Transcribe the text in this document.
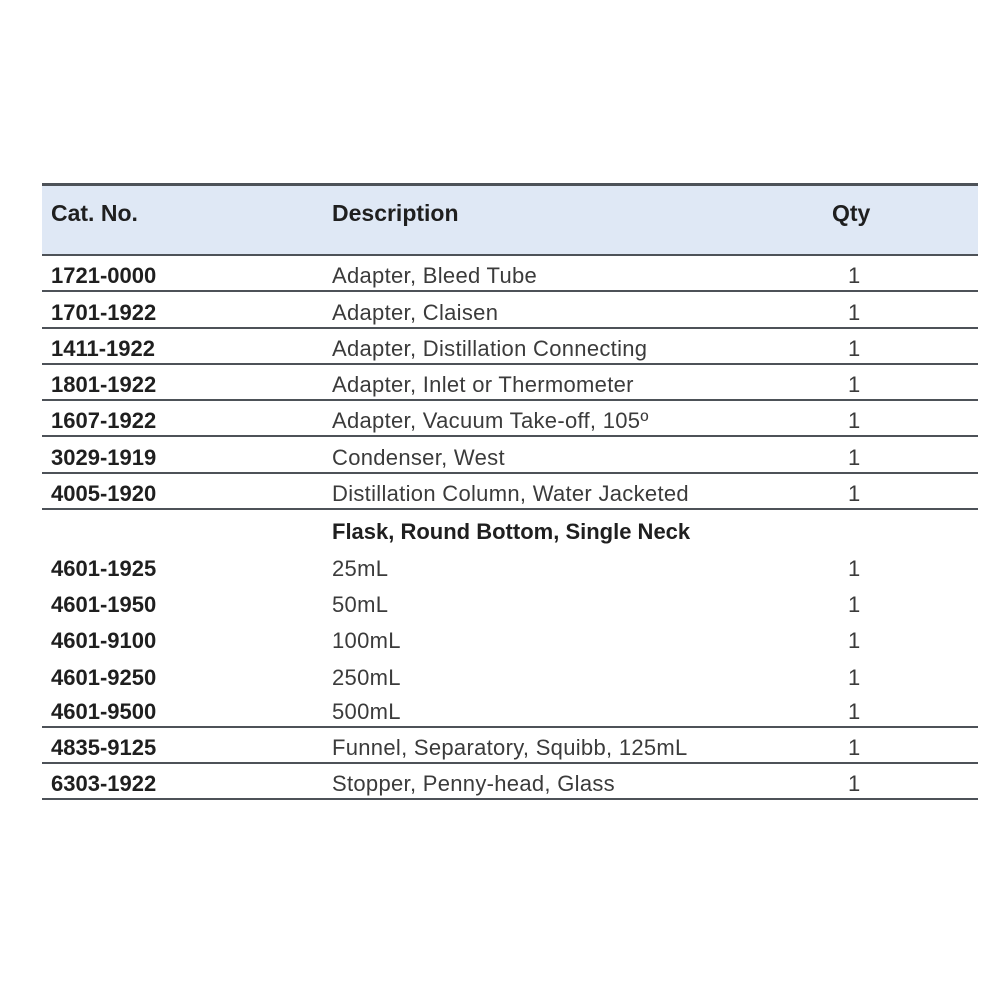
Cat. No.	Description	Qty
1721-0000	Adapter, Bleed Tube	1
1701-1922	Adapter, Claisen	1
1411-1922	Adapter, Distillation Connecting	1
1801-1922	Adapter, Inlet or Thermometer	1
1607-1922	Adapter, Vacuum Take-off, 105º	1
3029-1919	Condenser, West	1
4005-1920	Distillation Column, Water Jacketed	1
Flask, Round Bottom, Single Neck
4601-1925	25mL	1
4601-1950	50mL	1
4601-9100	100mL	1
4601-9250	250mL	1
4601-9500	500mL	1
4835-9125	Funnel, Separatory, Squibb, 125mL	1
6303-1922	Stopper, Penny-head, Glass	1
